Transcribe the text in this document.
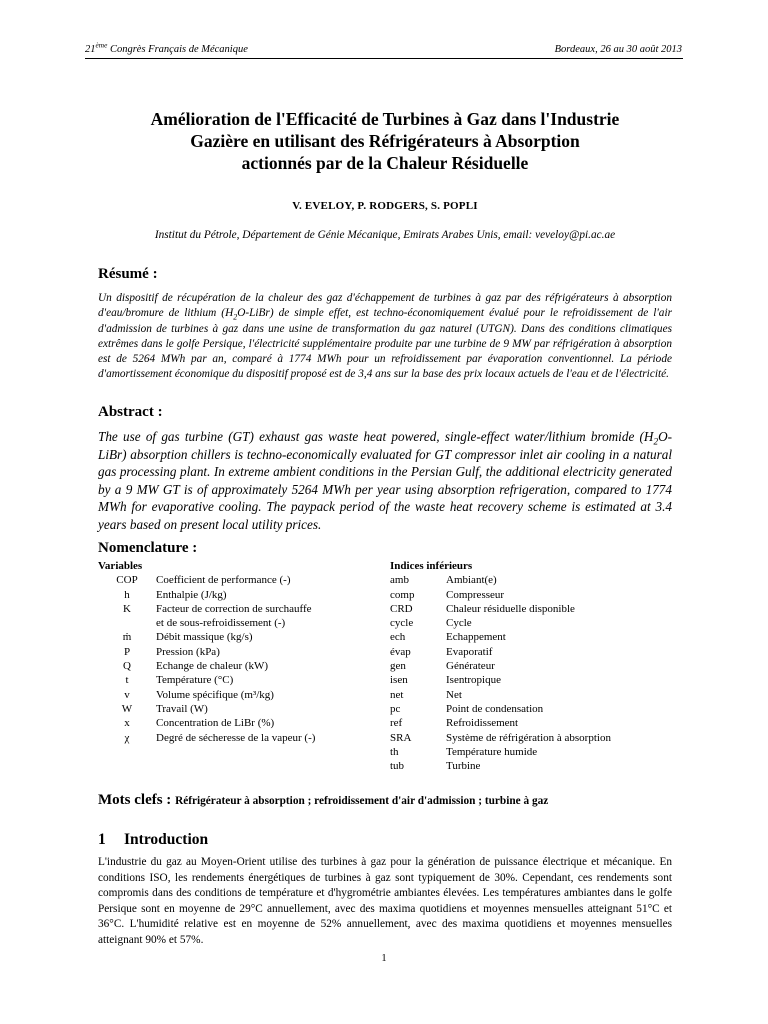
21ème Congrès Français de Mécanique	Bordeaux, 26 au 30 août 2013
Amélioration de l'Efficacité de Turbines à Gaz dans l'Industrie
Gazière en utilisant des Réfrigérateurs à Absorption
actionnés par de la Chaleur Résiduelle
V. EVELOY, P. RODGERS, S. POPLI
Institut du Pétrole, Département de Génie Mécanique, Emirats Arabes Unis, email: veveloy@pi.ac.ae
Résumé :
Un dispositif de récupération de la chaleur des gaz d'échappement de turbines à gaz par des réfrigérateurs à absorption d'eau/bromure de lithium $(H_2O-LiBr)$ de simple effet, est techno-économiquement évalué pour le refroidissement de l'air d'admission de turbines à gaz dans une usine de transformation du gaz naturel (UTGN). Dans des conditions climatiques extrêmes dans le golfe Persique, l'électricité supplémentaire produite par une turbine de 9 MW par réfrigération à absorption est de 5264 MWh par an, comparé à 1774 MWh pour un refroidissement par évaporation conventionnel. La période d'amortissement économique du dispositif proposé est de 3,4 ans sur la base des prix locaux actuels de l'eau et de l'électricité.
Abstract :
The use of gas turbine (GT) exhaust gas waste heat powered, single-effect water/lithium bromide $(H_2O-LiBr)$ absorption chillers is techno-economically evaluated for GT compressor inlet air cooling in a natural gas processing plant. In extreme ambient conditions in the Persian Gulf, the additional electricity generated by a 9 MW GT is of approximately 5264 MWh per year using absorption refrigeration, compared to 1774 MWh for evaporative cooling. The paypack period of the waste heat recovery scheme is estimated at 3.4 years based on present local utility prices.
Nomenclature :
Variables
COP	Coefficient de performance (-)
h	Enthalpie (J/kg)
K	Facteur de correction de surchauffe
et de sous-refroidissement (-)
ṁ	Débit massique (kg/s)
P	Pression (kPa)
Q	Echange de chaleur (kW)
t	Température (°C)
v	Volume spécifique (m³/kg)
W	Travail (W)
x	Concentration de LiBr (%)
χ	Degré de sécheresse de la vapeur (-)
Indices inférieurs
amb	Ambiant(e)
comp	Compresseur
CRD	Chaleur résiduelle disponible
cycle	Cycle
ech	Echappement
évap	Evaporatif
gen	Générateur
isen	Isentropique
net	Net
pc	Point de condensation
ref	Refroidissement
SRA	Système de réfrigération à absorption
th	Température humide
tub	Turbine
Mots clefs : Réfrigérateur à absorption ; refroidissement d'air d'admission ; turbine à gaz
1 Introduction
L'industrie du gaz au Moyen-Orient utilise des turbines à gaz pour la génération de puissance électrique et mécanique. En conditions ISO, les rendements énergétiques de turbines à gaz sont typiquement de 30%. Cependant, ces rendements sont compromis dans des conditions de température et d'hygrométrie ambiantes élevées. Les températures ambiantes dans le golfe Persique sont en moyenne de 29°C annuellement, avec des maxima quotidiens et moyennes mensuelles atteignant 51°C et 36°C. L'humidité relative est en moyenne de 52% annuellement, avec des maxima quotidiens et moyennes mensuelles atteignant 90% et 57%.
1
